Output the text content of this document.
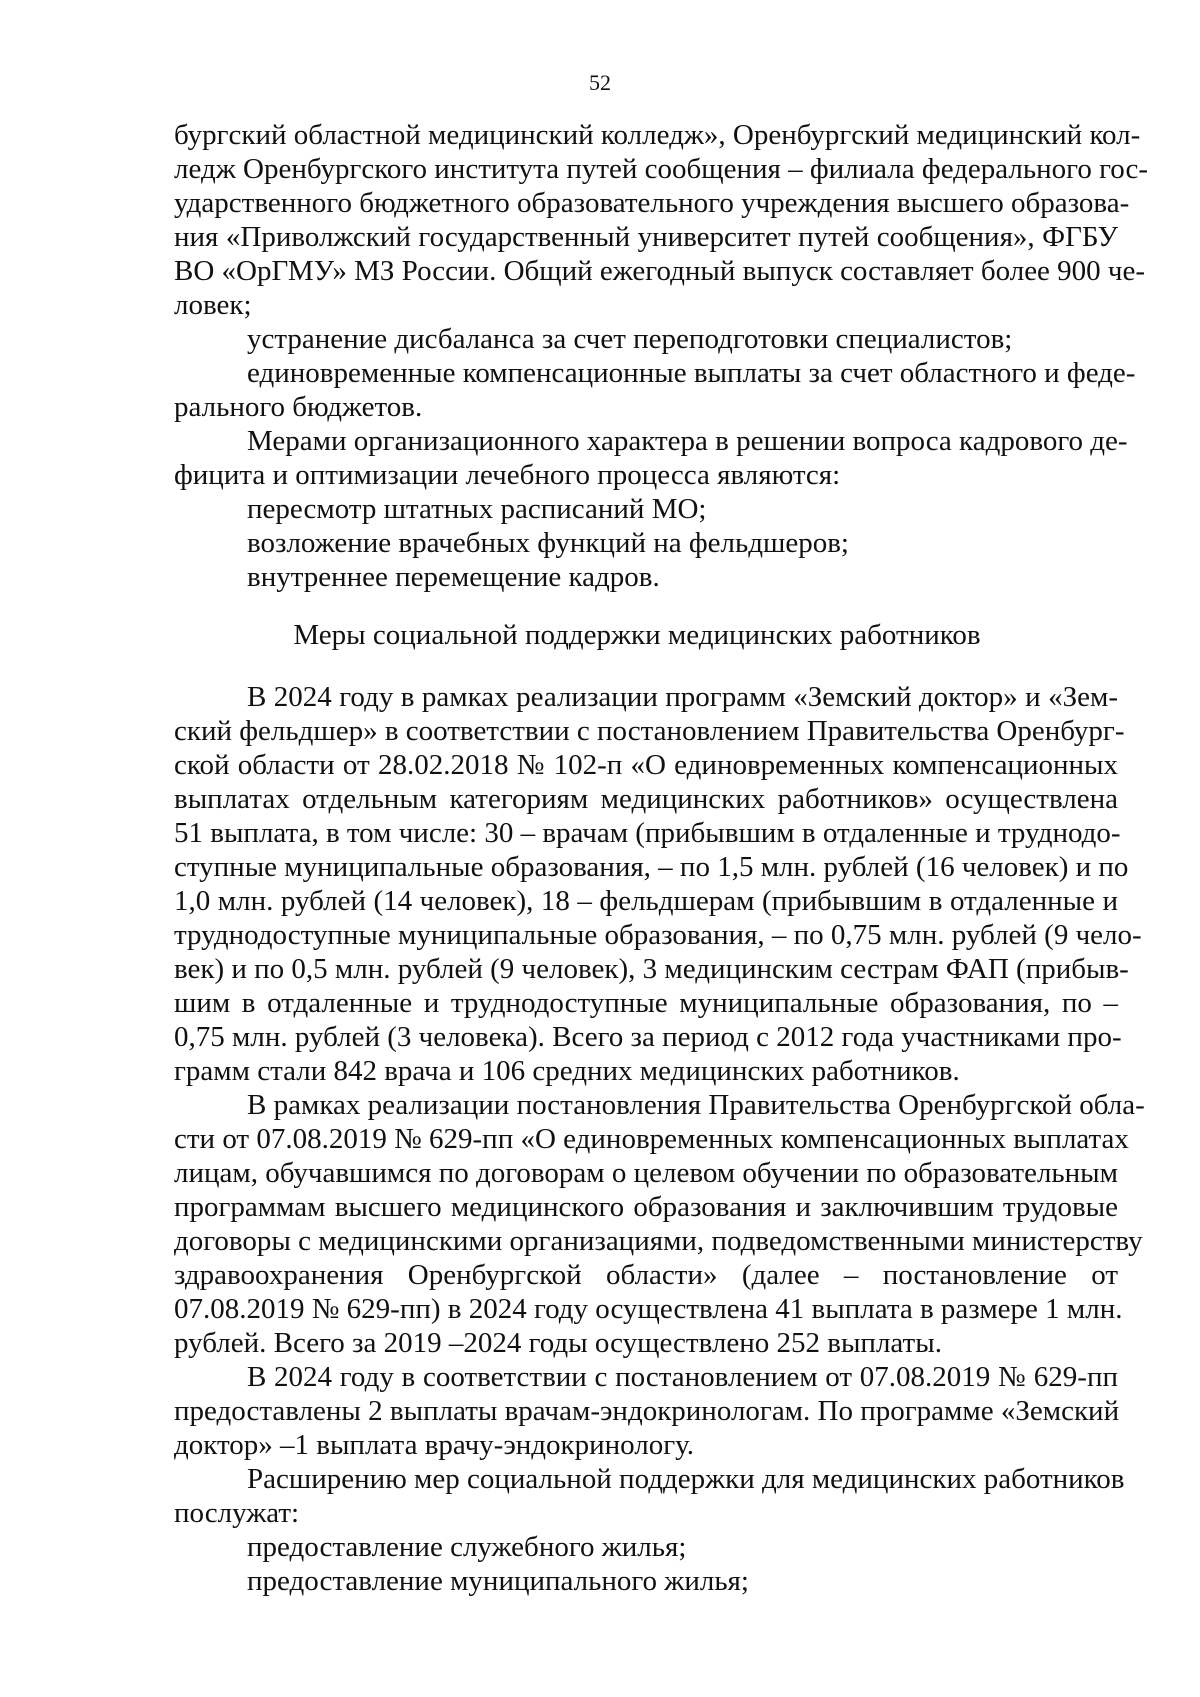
52
бургский областной медицинский колледж», Оренбургский медицинский кол-
ледж Оренбургского института путей сообщения – филиала федерального гос-
ударственного бюджетного образовательного учреждения высшего образова-
ния «Приволжский государственный университет путей сообщения», ФГБУ
ВО «ОрГМУ» МЗ России. Общий ежегодный выпуск составляет более 900 че-
ловек;
устранение дисбаланса за счет переподготовки специалистов;
единовременные компенсационные выплаты за счет областного и феде-
рального бюджетов.
Мерами организационного характера в решении вопроса кадрового де-
фицита и оптимизации лечебного процесса являются:
пересмотр штатных расписаний МО;
возложение врачебных функций на фельдшеров;
внутреннее перемещение кадров.
Меры социальной поддержки медицинских работников
В 2024 году в рамках реализации программ «Земский доктор» и «Зем-
ский фельдшер» в соответствии с постановлением Правительства Оренбург-
ской области от 28.02.2018 № 102-п «О единовременных компенсационных
выплатах отдельным категориям медицинских работников» осуществлена
51 выплата, в том числе: 30 – врачам (прибывшим в отдаленные и труднодо-
ступные муниципальные образования, – по 1,5 млн. рублей (16 человек) и по
1,0 млн. рублей (14 человек), 18 – фельдшерам (прибывшим в отдаленные и
труднодоступные муниципальные образования, – по 0,75 млн. рублей (9 чело-
век) и по 0,5 млн. рублей (9 человек), 3 медицинским сестрам ФАП (прибыв-
шим в отдаленные и труднодоступные муниципальные образования, по –
0,75 млн. рублей (3 человека). Всего за период с 2012 года участниками про-
грамм стали 842 врача и 106 средних медицинских работников.
В рамках реализации постановления Правительства Оренбургской обла-
сти от 07.08.2019 № 629-пп «О единовременных компенсационных выплатах
лицам, обучавшимся по договорам о целевом обучении по образовательным
программам высшего медицинского образования и заключившим трудовые
договоры с медицинскими организациями, подведомственными министерству
здравоохранения Оренбургской области» (далее – постановление от
07.08.2019 № 629-пп) в 2024 году осуществлена 41 выплата в размере 1 млн.
рублей. Всего за 2019 –2024 годы осуществлено 252 выплаты.
В 2024 году в соответствии с постановлением от 07.08.2019 № 629-пп
предоставлены 2 выплаты врачам-эндокринологам. По программе «Земский
доктор» –1 выплата врачу-эндокринологу.
Расширению мер социальной поддержки для медицинских работников
послужат:
предоставление служебного жилья;
предоставление муниципального жилья;
